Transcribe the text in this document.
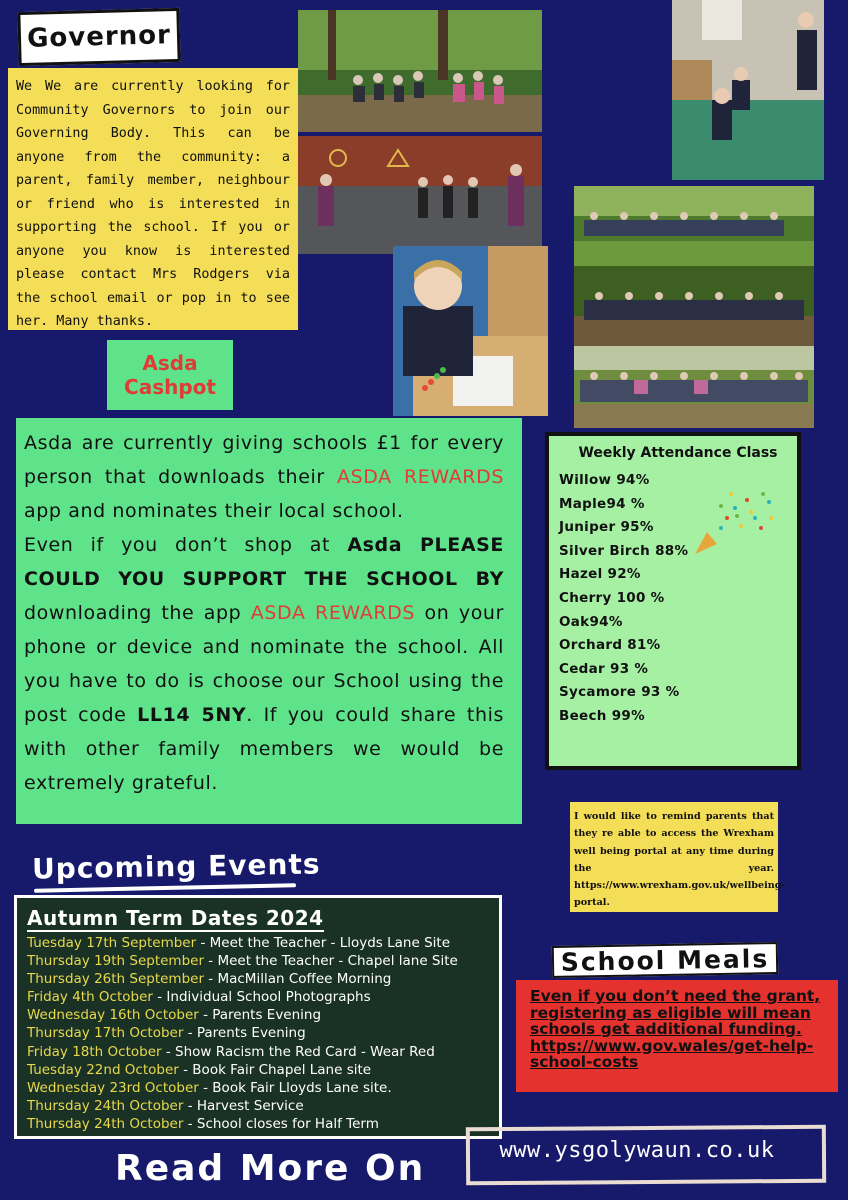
Governor
We We are currently looking for Community Governors to join our Governing Body. This can be anyone from the community: a parent, family member, neighbour or friend who is interested in supporting the school. If you or anyone you know is interested please contact Mrs Rodgers via the school email or pop in to see her. Many thanks.
Asda Cashpot

Asda are currently giving schools £1 for every person that downloads their ASDA REWARDS app and nominates their local school.

Even if you don’t shop at Asda PLEASE COULD YOU SUPPORT THE SCHOOL BY downloading the app ASDA REWARDS on your phone or device and nominate the school. All you have to do is choose our School using the post code LL14 5NY. If you could share this with other family members we would be extremely grateful.

Weekly Attendance Class
Willow 94%
Maple94 %
Juniper 95%
Silver Birch 88%
Hazel 92%
Cherry 100 %
Oak94%
Orchard 81%
Cedar 93 %
Sycamore 93 %
Beech 99%
I would like to remind parents that they re able to access the Wrexham well being portal at any time during the year. https://www.wrexham.gov.uk/wellbeing-portal.
Upcoming Events
Autumn Term Dates 2024
Tuesday 17th September - Meet the Teacher - Lloyds Lane Site
Thursday 19th September - Meet the Teacher - Chapel lane Site
Thursday 26th September - MacMillan Coffee Morning
Friday 4th October - Individual School Photographs
Wednesday 16th October - Parents Evening
Thursday 17th October - Parents Evening
Friday 18th October - Show Racism the Red Card - Wear Red
Tuesday 22nd October - Book Fair Chapel Lane site
Wednesday 23rd October - Book Fair Lloyds Lane site.
Thursday 24th October - Harvest Service
Thursday 24th October - School closes for Half Term
School Meals

Even if you don’t need the grant, registering as eligible will mean schools get additional funding.

https://www.gov.wales/get-help-school-costs

Read More On	www.ysgolywaun.co.uk
